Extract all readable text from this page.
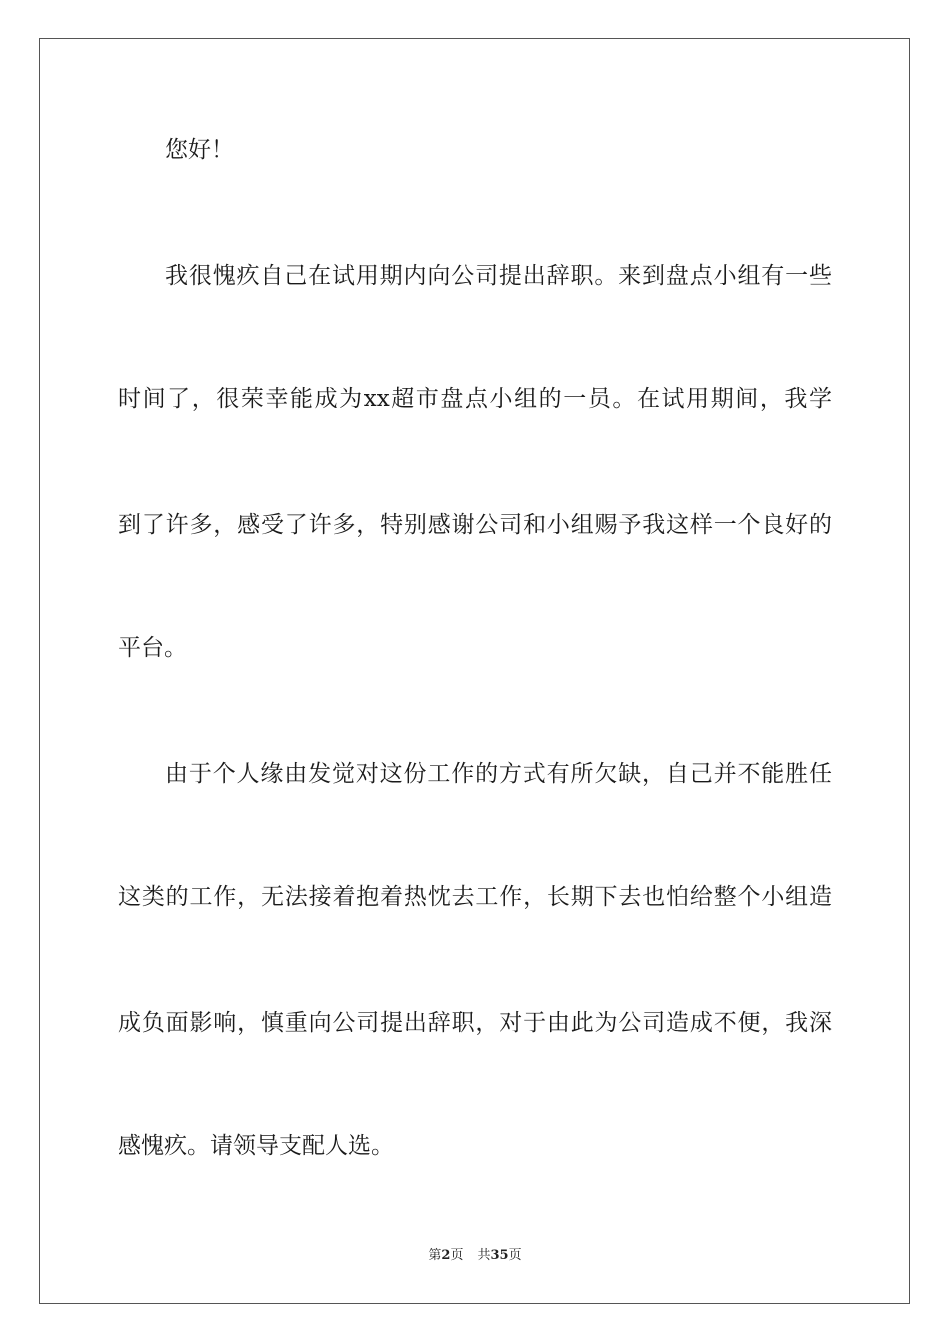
您好！
我很愧疚自己在试用期内向公司提出辞职。来到盘点小组有一些
时间了，很荣幸能成为xx超市盘点小组的一员。在试用期间，我学
到了许多，感受了许多，特别感谢公司和小组赐予我这样一个良好的
平台。
由于个人缘由发觉对这份工作的方式有所欠缺，自己并不能胜任
这类的工作，无法接着抱着热忱去工作，长期下去也怕给整个小组造
成负面影响，慎重向公司提出辞职，对于由此为公司造成不便，我深
感愧疚。请领导支配人选。
第2页 共35页
